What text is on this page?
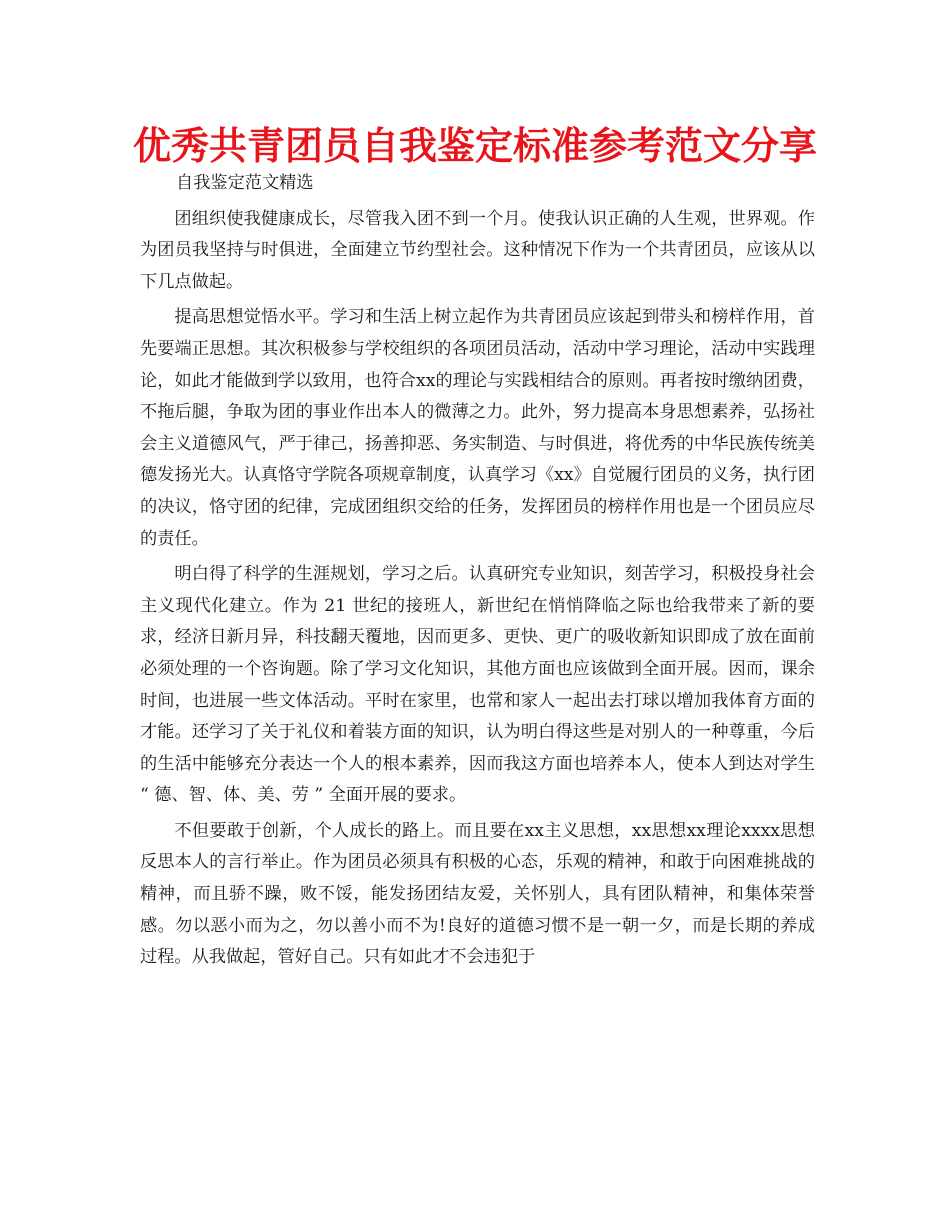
优秀共青团员自我鉴定标准参考范文分享

自我鉴定范文精选

团组织使我健康成长，尽管我入团不到一个月。使我认识正确的人生观，世界观。作为团员我坚持与时俱进，全面建立节约型社会。这种情况下作为一个共青团员，应该从以下几点做起。

提高思想觉悟水平。学习和生活上树立起作为共青团员应该起到带头和榜样作用，首先要端正思想。其次积极参与学校组织的各项团员活动，活动中学习理论，活动中实践理论，如此才能做到学以致用，也符合xx的理论与实践相结合的原则。再者按时缴纳团费，不拖后腿，争取为团的事业作出本人的微薄之力。此外，努力提高本身思想素养，弘扬社会主义道德风气，严于律己，扬善抑恶、务实制造、与时俱进，将优秀的中华民族传统美德发扬光大。认真恪守学院各项规章制度，认真学习《xx》自觉履行团员的义务，执行团的决议，恪守团的纪律，完成团组织交给的任务，发挥团员的榜样作用也是一个团员应尽的责任。

明白得了科学的生涯规划，学习之后。认真研究专业知识，刻苦学习，积极投身社会主义现代化建立。作为 21 世纪的接班人，新世纪在悄悄降临之际也给我带来了新的要求，经济日新月异，科技翻天覆地，因而更多、更快、更广的吸收新知识即成了放在面前必须处理的一个咨询题。除了学习文化知识，其他方面也应该做到全面开展。因而，课余时间，也进展一些文体活动。平时在家里，也常和家人一起出去打球以增加我体育方面的才能。还学习了关于礼仪和着装方面的知识，认为明白得这些是对别人的一种尊重，今后的生活中能够充分表达一个人的根本素养，因而我这方面也培养本人，使本人到达对学生 “ 德、智、体、美、劳 ” 全面开展的要求。

不但要敢于创新，个人成长的路上。而且要在xx主义思想，xx思想xx理论xxxx思想反思本人的言行举止。作为团员必须具有积极的心态，乐观的精神，和敢于向困难挑战的精神，而且骄不躁，败不馁，能发扬团结友爱，关怀别人，具有团队精神，和集体荣誉感。勿以恶小而为之，勿以善小而不为!良好的道德习惯不是一朝一夕，而是长期的养成过程。从我做起，管好自己。只有如此才不会违犯于
